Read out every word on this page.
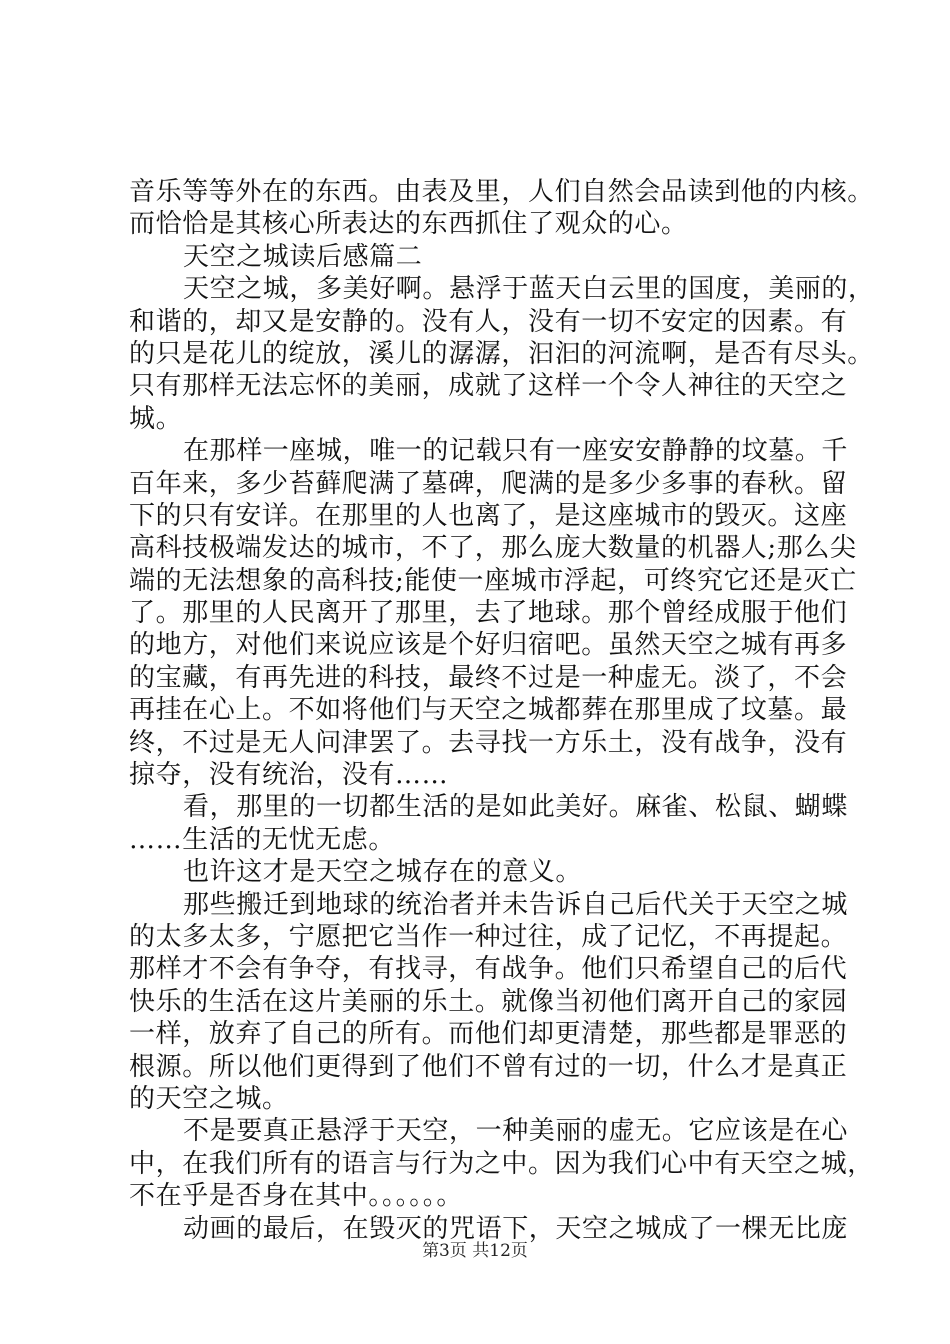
音乐等等外在的东西。由表及里，人们自然会品读到他的内核。
而恰恰是其核心所表达的东西抓住了观众的心。
天空之城读后感篇二
天空之城，多美好啊。悬浮于蓝天白云里的国度，美丽的，
和谐的，却又是安静的。没有人，没有一切不安定的因素。有
的只是花儿的绽放，溪儿的潺潺，汩汩的河流啊，是否有尽头。
只有那样无法忘怀的美丽，成就了这样一个令人神往的天空之
城。
在那样一座城，唯一的记载只有一座安安静静的坟墓。千
百年来，多少苔藓爬满了墓碑，爬满的是多少多事的春秋。留
下的只有安详。在那里的人也离了，是这座城市的毁灭。这座
高科技极端发达的城市，不了，那么庞大数量的机器人;那么尖
端的无法想象的高科技;能使一座城市浮起，可终究它还是灭亡
了。那里的人民离开了那里，去了地球。那个曾经成服于他们
的地方，对他们来说应该是个好归宿吧。虽然天空之城有再多
的宝藏，有再先进的科技，最终不过是一种虚无。淡了，不会
再挂在心上。不如将他们与天空之城都葬在那里成了坟墓。最
终，不过是无人问津罢了。去寻找一方乐土，没有战争，没有
掠夺，没有统治，没有……
看，那里的一切都生活的是如此美好。麻雀、松鼠、蝴蝶
……生活的无忧无虑。
也许这才是天空之城存在的意义。
那些搬迁到地球的统治者并未告诉自己后代关于天空之城
的太多太多，宁愿把它当作一种过往，成了记忆，不再提起。
那样才不会有争夺，有找寻，有战争。他们只希望自己的后代
快乐的生活在这片美丽的乐土。就像当初他们离开自己的家园
一样，放弃了自己的所有。而他们却更清楚，那些都是罪恶的
根源。所以他们更得到了他们不曾有过的一切，什么才是真正
的天空之城。
不是要真正悬浮于天空，一种美丽的虚无。它应该是在心
中，在我们所有的语言与行为之中。因为我们心中有天空之城，
不在乎是否身在其中。。。。。。
动画的最后，在毁灭的咒语下，天空之城成了一棵无比庞
第3页 共12页
